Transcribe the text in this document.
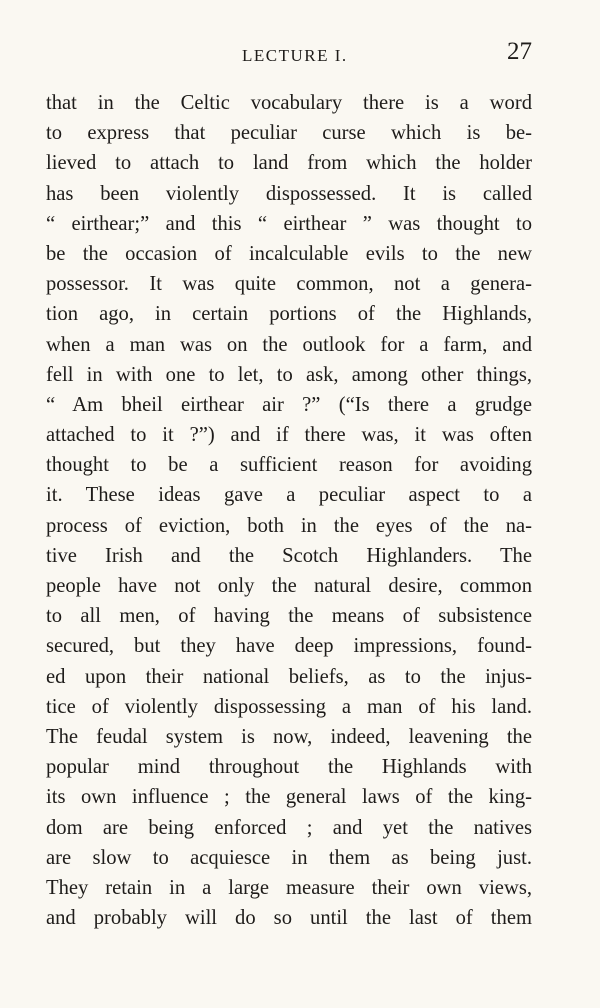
LECTURE I.	27
that in the Celtic vocabulary there is a word
to express that peculiar curse which is be-
lieved to attach to land from which the holder
has been violently dispossessed. It is called
“ eirthear;” and this “ eirthear ” was thought to
be the occasion of incalculable evils to the new
possessor. It was quite common, not a genera-
tion ago, in certain portions of the Highlands,
when a man was on the outlook for a farm, and
fell in with one to let, to ask, among other things,
“ Am bheil eirthear air ?” (“Is there a grudge
attached to it ?”) and if there was, it was often
thought to be a sufficient reason for avoiding
it. These ideas gave a peculiar aspect to a
process of eviction, both in the eyes of the na-
tive Irish and the Scotch Highlanders. The
people have not only the natural desire, common
to all men, of having the means of subsistence
secured, but they have deep impressions, found-
ed upon their national beliefs, as to the injus-
tice of violently dispossessing a man of his land.
The feudal system is now, indeed, leavening the
popular mind throughout the Highlands with
its own influence ; the general laws of the king-
dom are being enforced ; and yet the natives
are slow to acquiesce in them as being just.
They retain in a large measure their own views,
and probably will do so until the last of them
